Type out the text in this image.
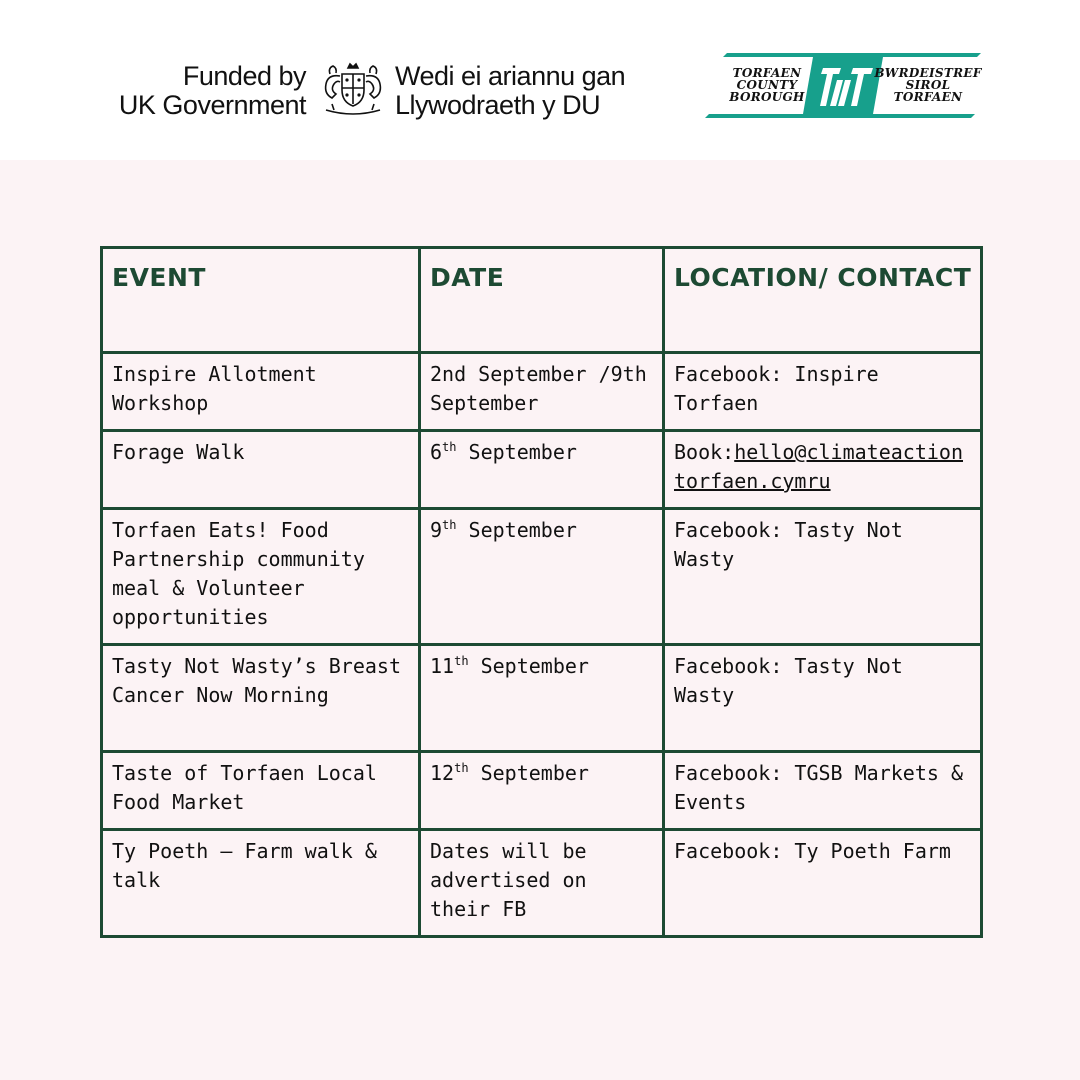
Funded by
UK Government
Wedi ei ariannu gan
Llywodraeth y DU
TORFAEN
COUNTY
BOROUGH
BWRDEISTREF
SIROL
TORFAEN
EVENT	DATE	LOCATION/ CONTACT
Inspire Allotment Workshop	2nd September /9th September	Facebook: Inspire Torfaen
Forage Walk	6th September	Book:hello@climateactiontorfaen.cymru
Torfaen Eats! Food Partnership community meal & Volunteer opportunities	9th September	Facebook: Tasty Not Wasty
Tasty Not Wasty’s Breast Cancer Now Morning	11th September	Facebook: Tasty Not Wasty
Taste of Torfaen Local Food Market	12th September	Facebook: TGSB Markets & Events
Ty Poeth – Farm walk & talk	Dates will be advertised on their FB	Facebook: Ty Poeth Farm
